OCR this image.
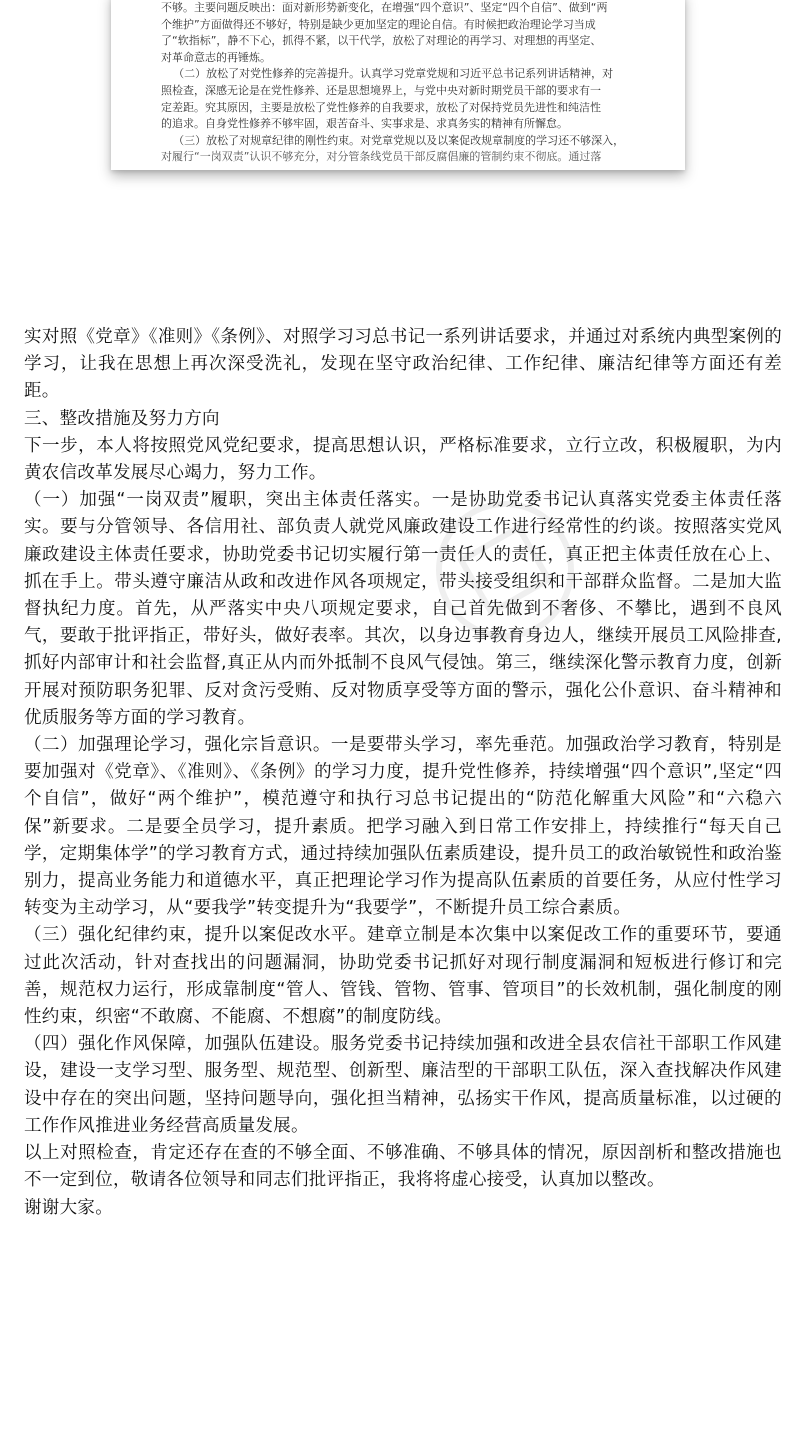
不够。主要问题反映出：面对新形势新变化，在增强“四个意识”、坚定“四个自信”、做到“两

个维护”方面做得还不够好，特别是缺少更加坚定的理论自信。有时候把政治理论学习当成

了“软指标”，静不下心，抓得不紧，以干代学，放松了对理论的再学习、对理想的再坚定、

对革命意志的再锤炼。

（二）放松了对党性修养的完善提升。认真学习党章党规和习近平总书记系列讲话精神，对

照检查，深感无论是在党性修养、还是思想境界上，与党中央对新时期党员干部的要求有一

定差距。究其原因，主要是放松了党性修养的自我要求，放松了对保持党员先进性和纯洁性

的追求。自身党性修养不够牢固，艰苦奋斗、实事求是、求真务实的精神有所懈怠。

（三）放松了对规章纪律的刚性约束。对党章党规以及以案促改规章制度的学习还不够深入，

对履行“一岗双责”认识不够充分，对分管条线党员干部反腐倡廉的管制约束不彻底。通过落

实对照《党章》《准则》《条例》、对照学习习总书记一系列讲话要求，并通过对系统内典型案例的学习，让我在思想上再次深受洗礼，发现在坚守政治纪律、工作纪律、廉洁纪律等方面还有差距。

三、整改措施及努力方向

下一步，本人将按照党风党纪要求，提高思想认识，严格标准要求，立行立改，积极履职，为内黄农信改革发展尽心竭力，努力工作。

（一）加强“一岗双责”履职，突出主体责任落实。一是协助党委书记认真落实党委主体责任落实。要与分管领导、各信用社、部负责人就党风廉政建设工作进行经常性的约谈。按照落实党风廉政建设主体责任要求，协助党委书记切实履行第一责任人的责任，真正把主体责任放在心上、抓在手上。带头遵守廉洁从政和改进作风各项规定，带头接受组织和干部群众监督。二是加大监督执纪力度。首先，从严落实中央八项规定要求，自己首先做到不奢侈、不攀比，遇到不良风气，要敢于批评指正，带好头，做好表率。其次，以身边事教育身边人，继续开展员工风险排查,抓好内部审计和社会监督,真正从内而外抵制不良风气侵蚀。第三，继续深化警示教育力度，创新开展对预防职务犯罪、反对贪污受贿、反对物质享受等方面的警示，强化公仆意识、奋斗精神和优质服务等方面的学习教育。

（二）加强理论学习，强化宗旨意识。一是要带头学习，率先垂范。加强政治学习教育，特别是要加强对《党章》、《准则》、《条例》的学习力度，提升党性修养，持续增强“四个意识”,坚定“四个自信”，做好“两个维护”，模范遵守和执行习总书记提出的“防范化解重大风险”和“六稳六保”新要求。二是要全员学习，提升素质。把学习融入到日常工作安排上，持续推行“每天自己学，定期集体学”的学习教育方式，通过持续加强队伍素质建设，提升员工的政治敏锐性和政治鉴别力，提高业务能力和道德水平，真正把理论学习作为提高队伍素质的首要任务，从应付性学习转变为主动学习，从“要我学”转变提升为“我要学”，不断提升员工综合素质。

（三）强化纪律约束，提升以案促改水平。建章立制是本次集中以案促改工作的重要环节，要通过此次活动，针对查找出的问题漏洞，协助党委书记抓好对现行制度漏洞和短板进行修订和完善，规范权力运行，形成靠制度“管人、管钱、管物、管事、管项目”的长效机制，强化制度的刚性约束，织密“不敢腐、不能腐、不想腐”的制度防线。

（四）强化作风保障，加强队伍建设。服务党委书记持续加强和改进全县农信社干部职工作风建设，建设一支学习型、服务型、规范型、创新型、廉洁型的干部职工队伍，深入查找解决作风建设中存在的突出问题，坚持问题导向，强化担当精神，弘扬实干作风，提高质量标准，以过硬的工作作风推进业务经营高质量发展。

以上对照检查，肯定还存在查的不够全面、不够准确、不够具体的情况，原因剖析和整改措施也不一定到位，敬请各位领导和同志们批评指正，我将将虚心接受，认真加以整改。

谢谢大家。
